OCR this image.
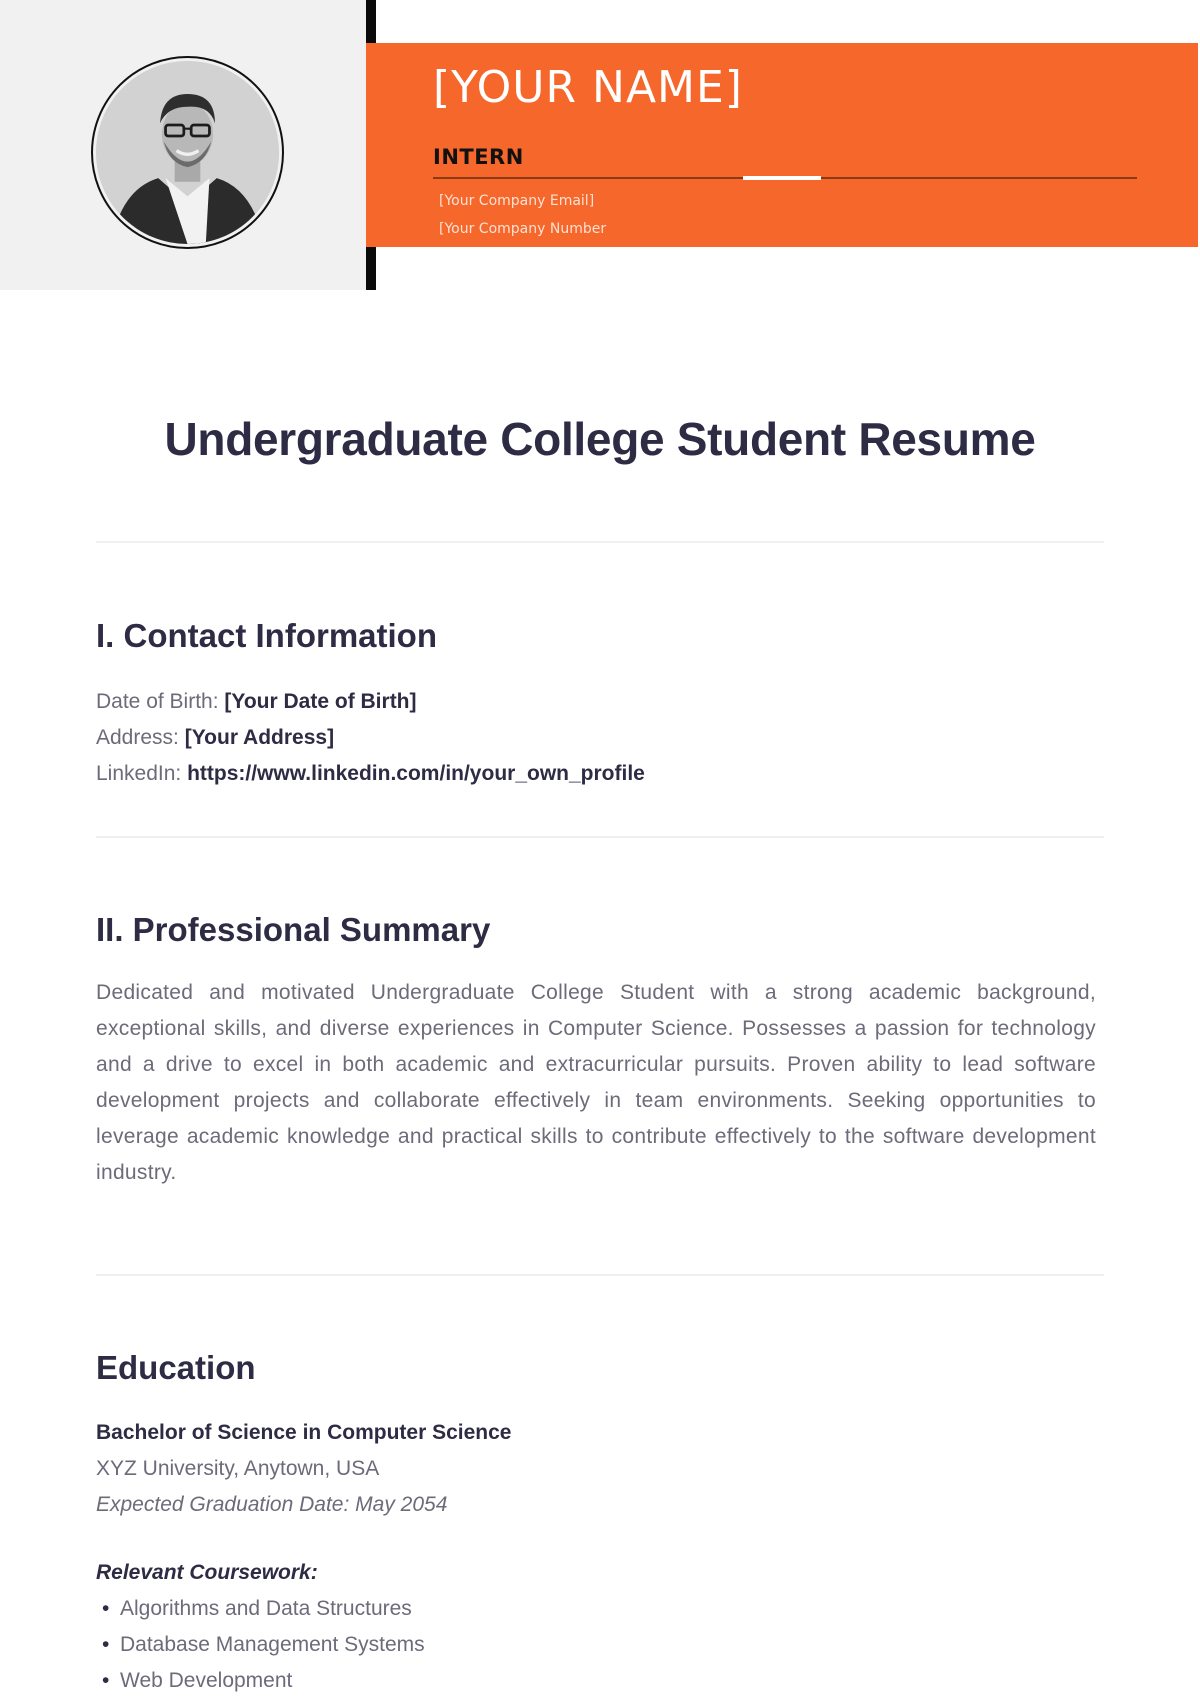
[YOUR NAME]
INTERN
[Your Company Email]
[Your Company Number
Undergraduate College Student Resume
I. Contact Information
Date of Birth: [Your Date of Birth]
Address: [Your Address]
LinkedIn: https://www.linkedin.com/in/your_own_profile
II. Professional Summary

Dedicated and motivated Undergraduate College Student with a strong academic background, exceptional skills, and diverse experiences in Computer Science. Possesses a passion for technology and a drive to excel in both academic and extracurricular pursuits. Proven ability to lead software development projects and collaborate effectively in team environments. Seeking opportunities to leverage academic knowledge and practical skills to contribute effectively to the software development industry.

Education
Bachelor of Science in Computer Science
XYZ University, Anytown, USA
Expected Graduation Date: May 2054
Relevant Coursework:
• Algorithms and Data Structures
• Database Management Systems
• Web Development
